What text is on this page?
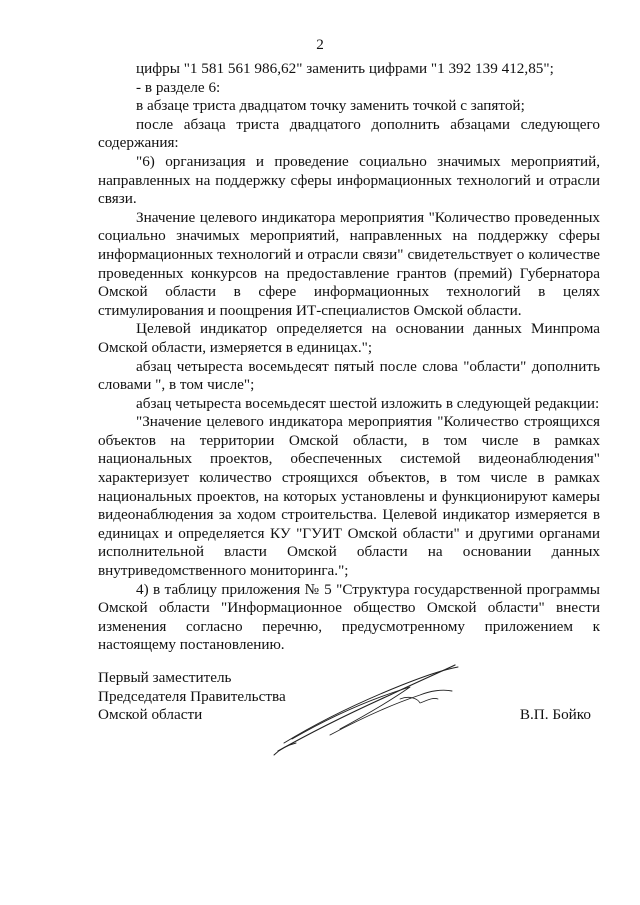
2

цифры "1 581 561 986,62" заменить цифрами "1 392 139 412,85";

- в разделе 6:

в абзаце триста двадцатом точку заменить точкой с запятой;

после абзаца триста двадцатого дополнить абзацами следующего содержания:

"6) организация и проведение социально значимых мероприятий, направленных на поддержку сферы информационных технологий и отрасли связи.

Значение целевого индикатора мероприятия "Количество проведенных социально значимых мероприятий, направленных на поддержку сферы информационных технологий и отрасли связи" свидетельствует о количестве проведенных конкурсов на предоставление грантов (премий) Губернатора Омской области в сфере информационных технологий в целях стимулирования и поощрения ИТ-специалистов Омской области.

Целевой индикатор определяется на основании данных Минпрома Омской области, измеряется в единицах.";

абзац четыреста восемьдесят пятый после слова "области" дополнить словами ", в том числе";

абзац четыреста восемьдесят шестой изложить в следующей редакции:

"Значение целевого индикатора мероприятия "Количество строящихся объектов на территории Омской области, в том числе в рамках национальных проектов, обеспеченных системой видеонаблюдения" характеризует количество строящихся объектов, в том числе в рамках национальных проектов, на которых установлены и функционируют камеры видеонаблюдения за ходом строительства. Целевой индикатор измеряется в единицах и определяется КУ "ГУИТ Омской области" и другими органами исполнительной власти Омской области на основании данных внутриведомственного мониторинга.";

4) в таблицу приложения № 5 "Структура государственной программы Омской области "Информационное общество Омской области" внести изменения согласно перечню, предусмотренному приложением к настоящему постановлению.

Первый заместитель
Председателя Правительства
Омской области	В.П. Бойко
